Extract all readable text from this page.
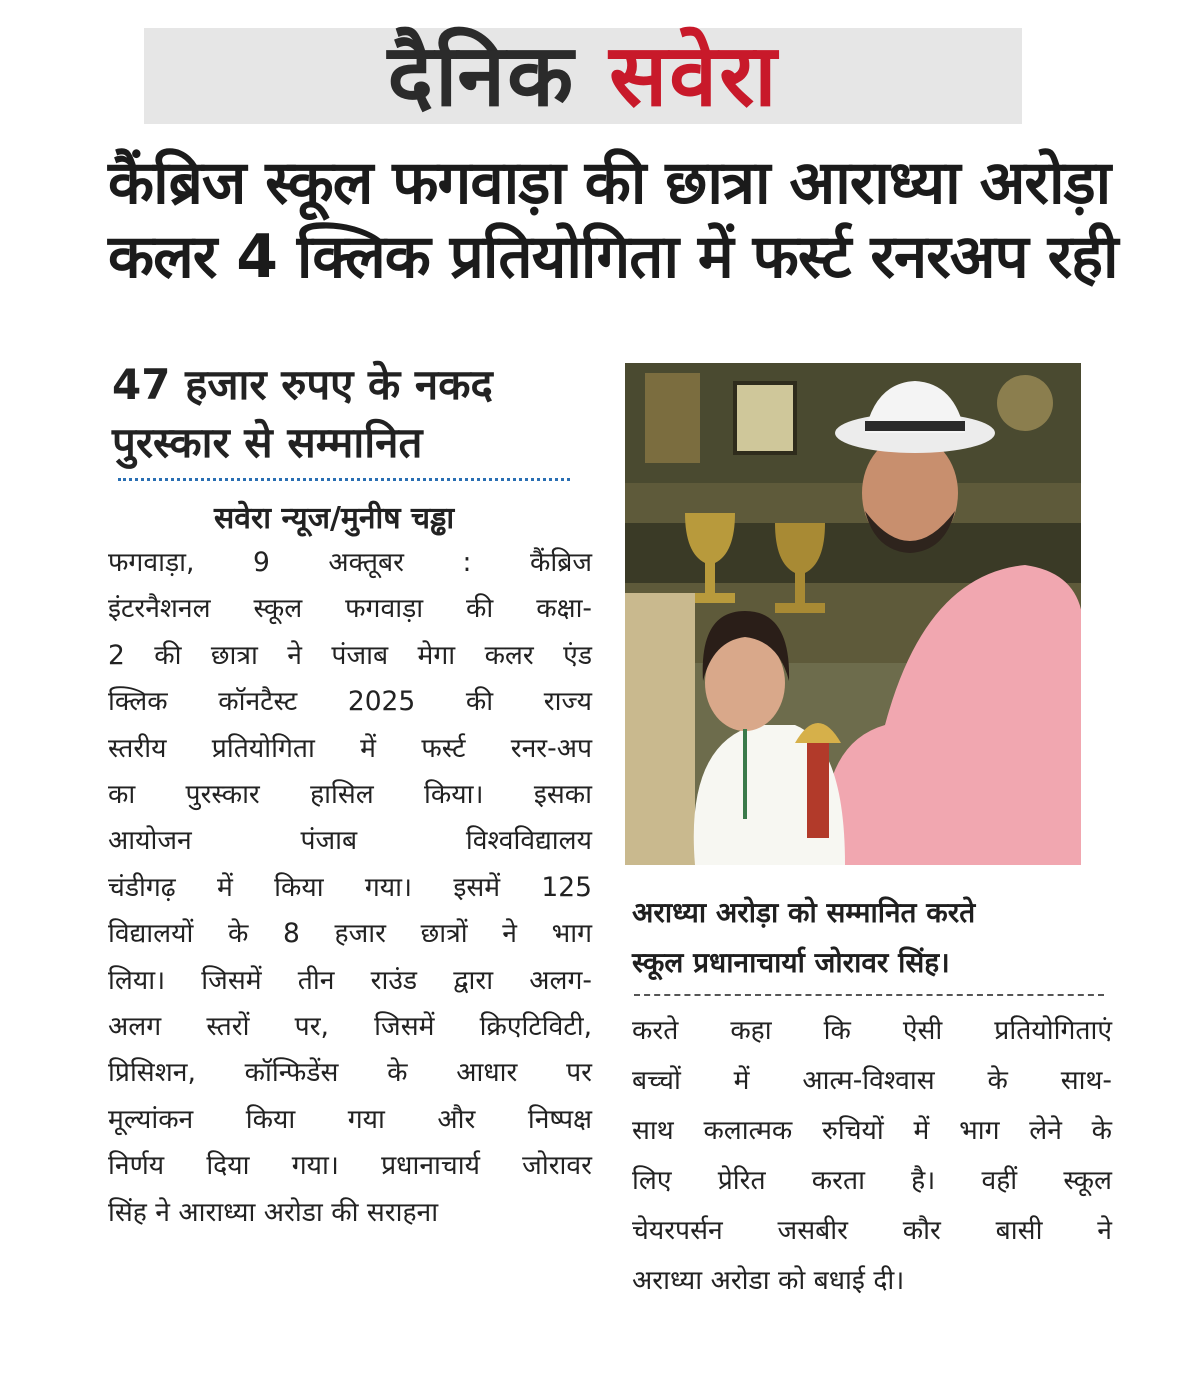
दैनिक सवेरा
कैंब्रिज स्कूल फगवाड़ा की छात्रा आराध्या अरोड़ा
कलर 4 क्लिक प्रतियोगिता में फर्स्ट रनरअप रही
47 हजार रुपए के नकद
पुरस्कार से सम्मानित
सवेरा न्यूज/मुनीष चड्ढा
फगवाड़ा, 9 अक्तूबर : कैंब्रिज
इंटरनैशनल स्कूल फगवाड़ा की कक्षा-
2 की छात्रा ने पंजाब मेगा कलर एंड
क्लिक कॉनटैस्ट 2025 की राज्य
स्तरीय प्रतियोगिता में फर्स्ट रनर-अप
का पुरस्कार हासिल किया। इसका
आयोजन पंजाब विश्वविद्यालय
चंडीगढ़ में किया गया। इसमें 125
विद्यालयों के 8 हजार छात्रों ने भाग
लिया। जिसमें तीन राउंड द्वारा अलग-
अलग स्तरों पर, जिसमें क्रिएटिविटी,
प्रिसिशन, कॉन्फिडेंस के आधार पर
मूल्यांकन किया गया और निष्पक्ष
निर्णय दिया गया। प्रधानाचार्य जोरावर
सिंह ने आराध्या अरोडा की सराहना
अराध्या अरोड़ा को सम्मानित करते
स्कूल प्रधानाचार्या जोरावर सिंह।
करते कहा कि ऐसी प्रतियोगिताएं
बच्चों में आत्म-विश्वास के साथ-
साथ कलात्मक रुचियों में भाग लेने के
लिए प्रेरित करता है। वहीं स्कूल
चेयरपर्सन जसबीर कौर बासी ने
अराध्या अरोडा को बधाई दी।
